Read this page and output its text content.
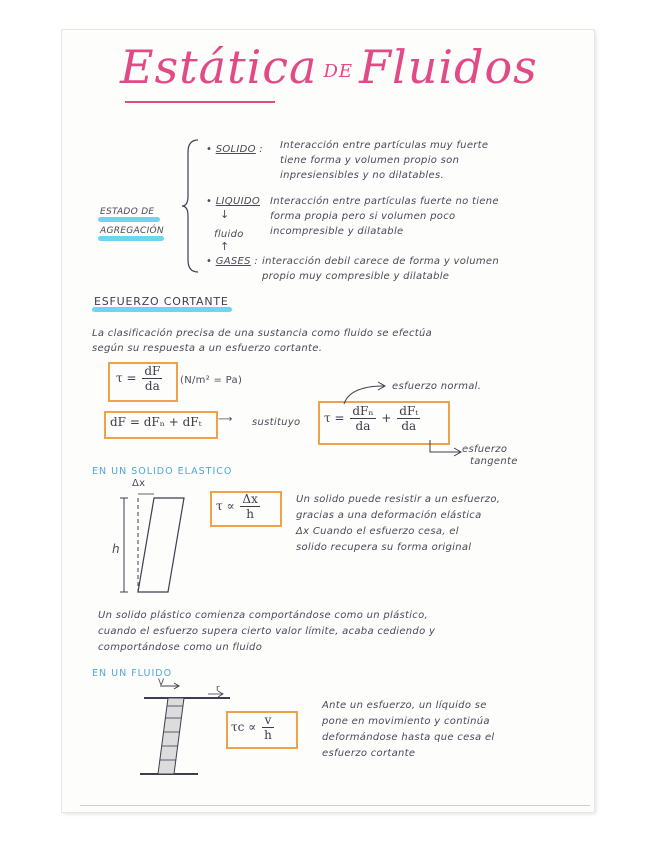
Estática DE Fluidos
ESTADO DE
AGREGACIÓN
• SOLIDO : Interacción entre partículas muy fuerte
tiene forma y volumen propio son
inpresiensibles y no dilatables.
• LIQUIDO Interacción entre partículas fuerte no tiene
forma propia pero si volumen poco
incompresible y dilatable
↓
fluido
↑
• GASES : interacción debil carece de forma y volumen
propio muy compresible y dilatable
ESFUERZO CORTANTE
La clasificación precisa de una sustancia como fluido se efectúa
según su respuesta a un esfuerzo cortante.
$\tau = \frac{dF}{da} (N/m^2 = Pa)$
dF = dFₙ + dFₜ ⟶ sustituyo $\tau = \frac{\text{dFₙ}}{da} + \frac{\text{dFₜ}}{da}$
esfuerzo normal.
esfuerzo
tangente
EN UN SOLIDO ELASTICO
Δx
h
$\tau \propto \frac{\Delta x}{h}$	Un solido puede resistir a un esfuerzo,
gracias a una deformación elástica
Δx Cuando el esfuerzo cesa, el
solido recupera su forma original
Un solido plástico comienza comportándose como un plástico,
cuando el esfuerzo supera cierto valor límite, acaba cediendo y
comportándose como un fluido
EN UN FLUIDO
V
r
$\tau c \propto \frac{v}{h}$
Ante un esfuerzo, un líquido se
pone en movimiento y continúa
deformándose hasta que cesa el
esfuerzo cortante
